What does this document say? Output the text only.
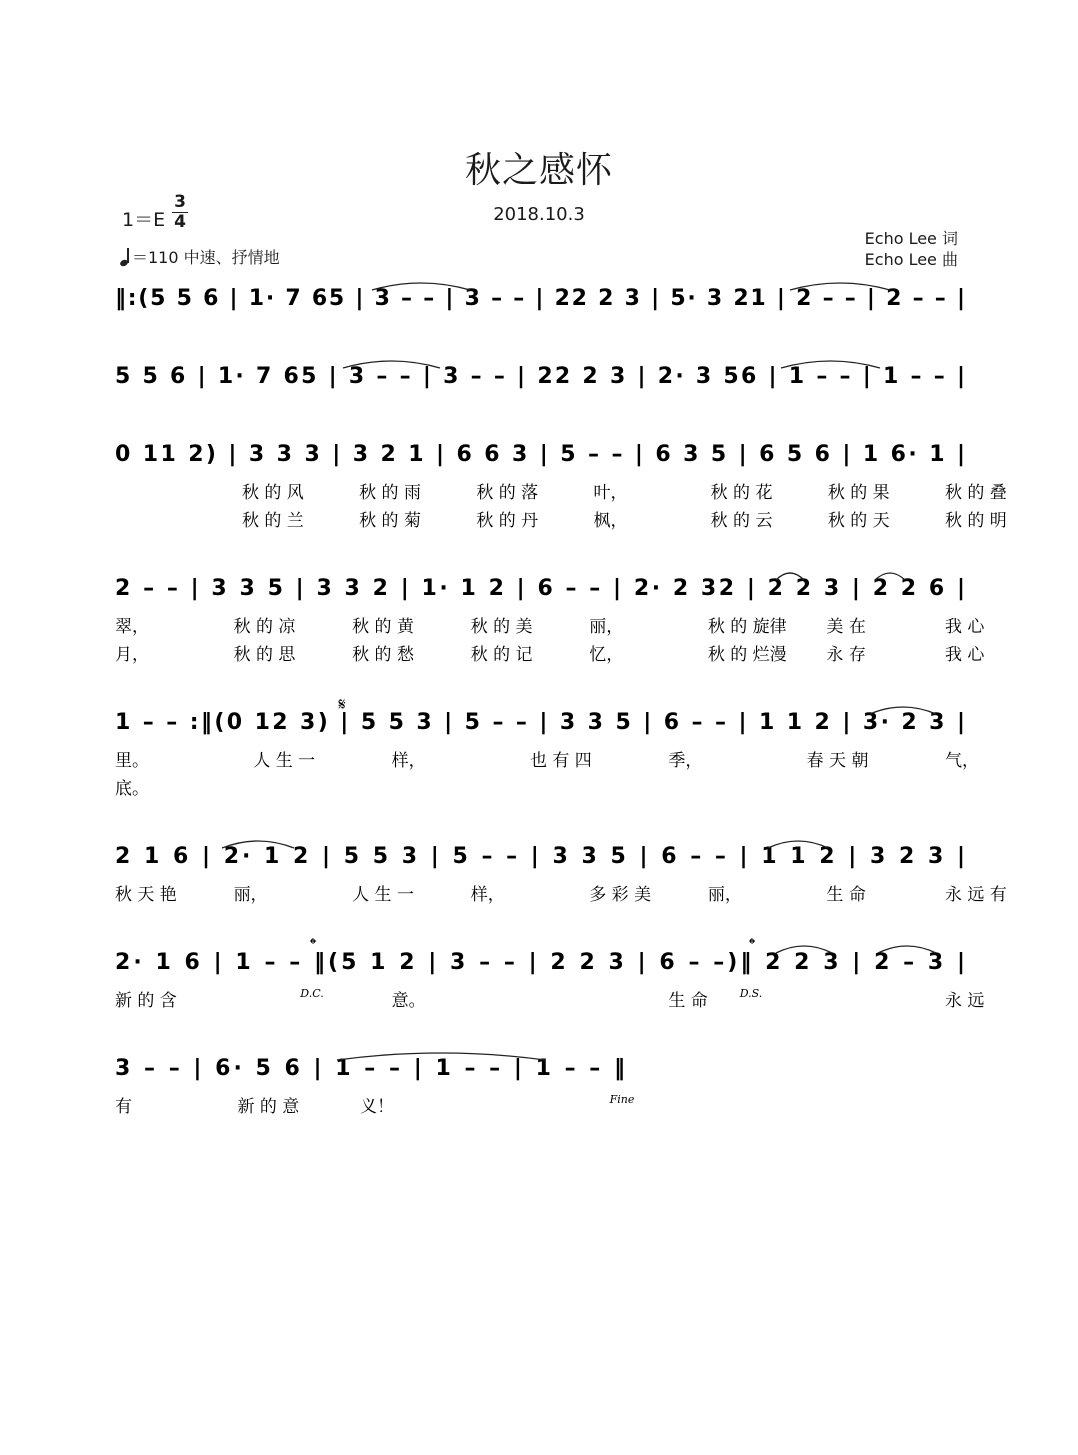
秋之感怀
2018.10.3
1＝E
3
4
＝110 中速、抒情地
Echo Lee 词
Echo Lee 曲
‖:(5 5 6 | 1· 7 65 | 3 – – | 3 – – | 22 2 3 | 5· 3 21 | 2 – – | 2 – – |
5 5 6 | 1· 7 65 | 3 – – | 3 – – | 22 2 3 | 2· 3 56 | 1 – – | 1 – – |
0 11 2) | 3 3 3 | 3 2 1 | 6 6 3 | 5 – – | 6 3 5 | 6 5 6 | 1 6· 1 |
秋 的 风	秋 的 雨	秋 的 落	叶，	秋 的 花	秋 的 果	秋 的 叠
秋 的 兰	秋 的 菊	秋 的 丹	枫，	秋 的 云	秋 的 天	秋 的 明
2 – – | 3 3 5 | 3 3 2 | 1· 1 2 | 6 – – | 2· 2 32 | 2 2 3 | 2 2 6 |
翠，	秋 的 凉	秋 的 黄	秋 的 美	丽，	秋 的 旋律 美 在	我 心
月，	秋 的 思	秋 的 愁	秋 的 记	忆，	秋 的 烂漫 永 存	我 心
1 – – :‖(0 12 3) | 5 5 3 | 5 – – | 3 3 5 | 6 – – | 1 1 2 | 3· 2 3 |
里。	人 生 一	样，	也 有 四	季，	春 天 朝	气，
底。
2 1 6 | 2· 1 2 | 5 5 3 | 5 – – | 3 3 5 | 6 – – | 1 1 2 | 3 2 3 |
秋 天 艳	丽，	人 生 一	样，	多 彩 美	丽，	生 命	永 远 有
2· 1 6 | 1 – – ‖(5 1 2 | 3 – – | 2 2 3 | 6 – –)‖ 2 2 3 | 2 – 3 |
新 的 含	意。	生 命	永 远
3 – – | 6· 5 6 | 1 – – | 1 – – | 1 – – ‖
有	新 的 意	义！
𝄋
𝄌	𝄌
D.C.	D.S.
Fine
